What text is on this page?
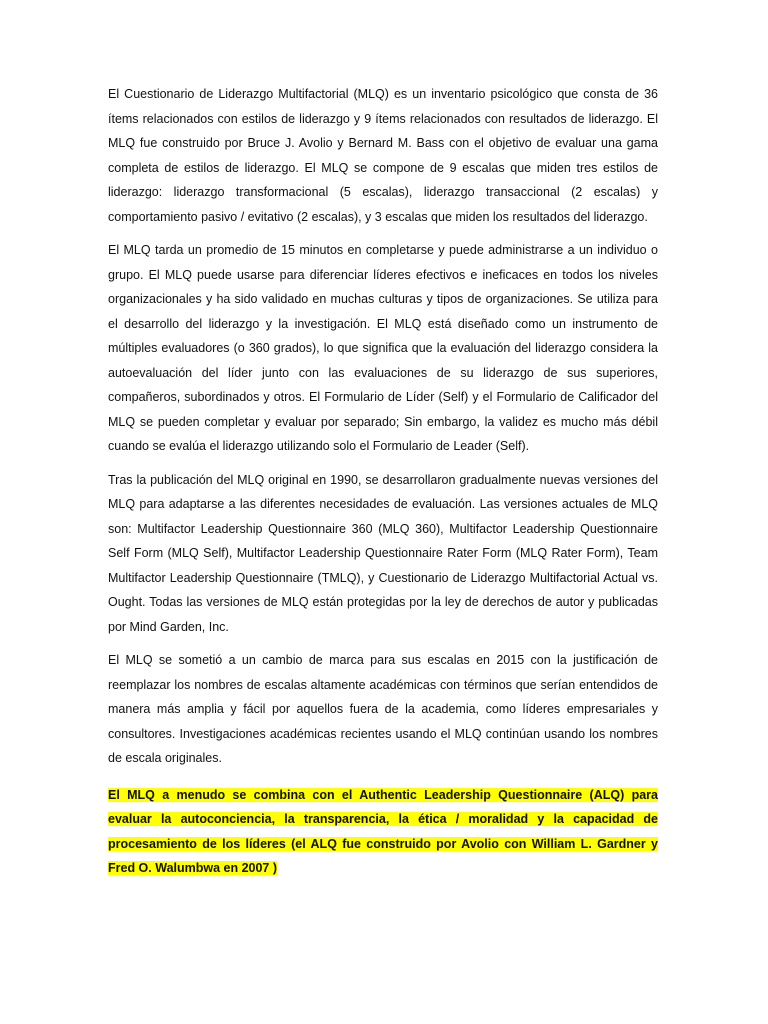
El Cuestionario de Liderazgo Multifactorial (MLQ) es un inventario psicológico que consta de 36 ítems relacionados con estilos de liderazgo y 9 ítems relacionados con resultados de liderazgo. El MLQ fue construido por Bruce J. Avolio y Bernard M. Bass con el objetivo de evaluar una gama completa de estilos de liderazgo. El MLQ se compone de 9 escalas que miden tres estilos de liderazgo: liderazgo transformacional (5 escalas), liderazgo transaccional (2 escalas) y comportamiento pasivo / evitativo (2 escalas), y 3 escalas que miden los resultados del liderazgo.

El MLQ tarda un promedio de 15 minutos en completarse y puede administrarse a un individuo o grupo. El MLQ puede usarse para diferenciar líderes efectivos e ineficaces en todos los niveles organizacionales y ha sido validado en muchas culturas y tipos de organizaciones. Se utiliza para el desarrollo del liderazgo y la investigación. El MLQ está diseñado como un instrumento de múltiples evaluadores (o 360 grados), lo que significa que la evaluación del liderazgo considera la autoevaluación del líder junto con las evaluaciones de su liderazgo de sus superiores, compañeros, subordinados y otros. El Formulario de Líder (Self) y el Formulario de Calificador del MLQ se pueden completar y evaluar por separado; Sin embargo, la validez es mucho más débil cuando se evalúa el liderazgo utilizando solo el Formulario de Leader (Self).

Tras la publicación del MLQ original en 1990, se desarrollaron gradualmente nuevas versiones del MLQ para adaptarse a las diferentes necesidades de evaluación. Las versiones actuales de MLQ son: Multifactor Leadership Questionnaire 360 (MLQ 360), Multifactor Leadership Questionnaire Self Form (MLQ Self), Multifactor Leadership Questionnaire Rater Form (MLQ Rater Form), Team Multifactor Leadership Questionnaire (TMLQ), y Cuestionario de Liderazgo Multifactorial Actual vs. Ought. Todas las versiones de MLQ están protegidas por la ley de derechos de autor y publicadas por Mind Garden, Inc.

El MLQ se sometió a un cambio de marca para sus escalas en 2015 con la justificación de reemplazar los nombres de escalas altamente académicas con términos que serían entendidos de manera más amplia y fácil por aquellos fuera de la academia, como líderes empresariales y consultores. Investigaciones académicas recientes usando el MLQ continúan usando los nombres de escala originales.

El MLQ a menudo se combina con el Authentic Leadership Questionnaire (ALQ) para evaluar la autoconciencia, la transparencia, la ética / moralidad y la capacidad de procesamiento de los líderes (el ALQ fue construido por Avolio con William L. Gardner y Fred O. Walumbwa en 2007 )
